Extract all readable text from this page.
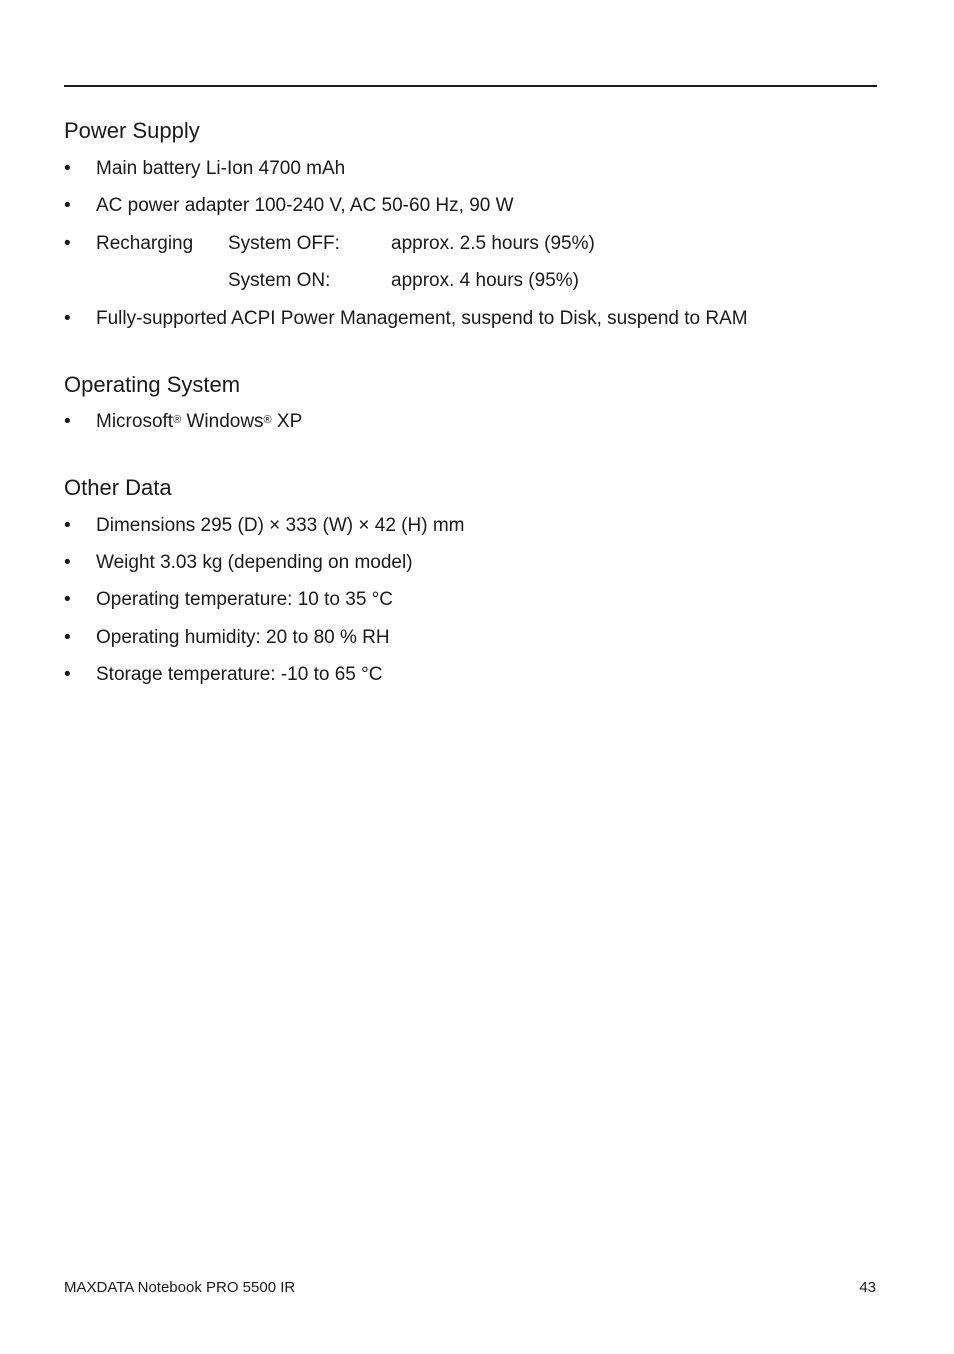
Power Supply
•	Main battery Li-Ion 4700 mAh
•	AC power adapter 100-240 V, AC 50-60 Hz, 90 W
•	Recharging System OFF:	approx. 2.5 hours (95%)
System ON:	approx. 4 hours (95%)
•	Fully-supported ACPI Power Management, suspend to Disk, suspend to RAM
Operating System
•	Microsoft® Windows® XP
Other Data
•	Dimensions 295 (D) × 333 (W) × 42 (H) mm
•	Weight 3.03 kg (depending on model)
•	Operating temperature: 10 to 35 °C
•	Operating humidity: 20 to 80 % RH
•	Storage temperature: -10 to 65 °C
MAXDATA Notebook PRO 5500 IR	43
